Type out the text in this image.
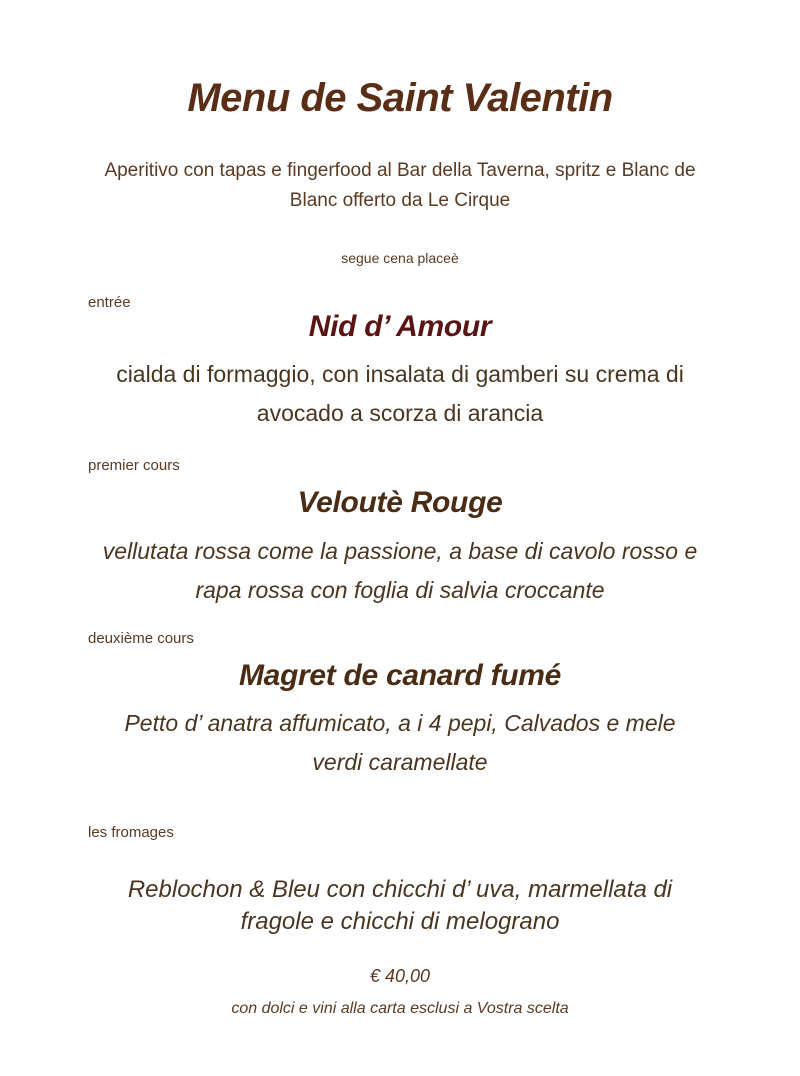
Menu de Saint Valentin
Aperitivo con tapas e fingerfood al Bar della Taverna, spritz e Blanc de
Blanc offerto da Le Cirque
segue cena placeè
entrée
Nid d’ Amour
cialda di formaggio, con insalata di gamberi su crema di
avocado a scorza di arancia
premier cours
Veloutè Rouge
vellutata rossa come la passione, a base di cavolo rosso e
rapa rossa con foglia di salvia croccante
deuxième cours
Magret de canard fumé
Petto d’ anatra affumicato, a i 4 pepi, Calvados e mele
verdi caramellate
les fromages
Reblochon & Bleu con chicchi d’ uva, marmellata di
fragole e chicchi di melograno
€ 40,00
con dolci e vini alla carta esclusi a Vostra scelta
